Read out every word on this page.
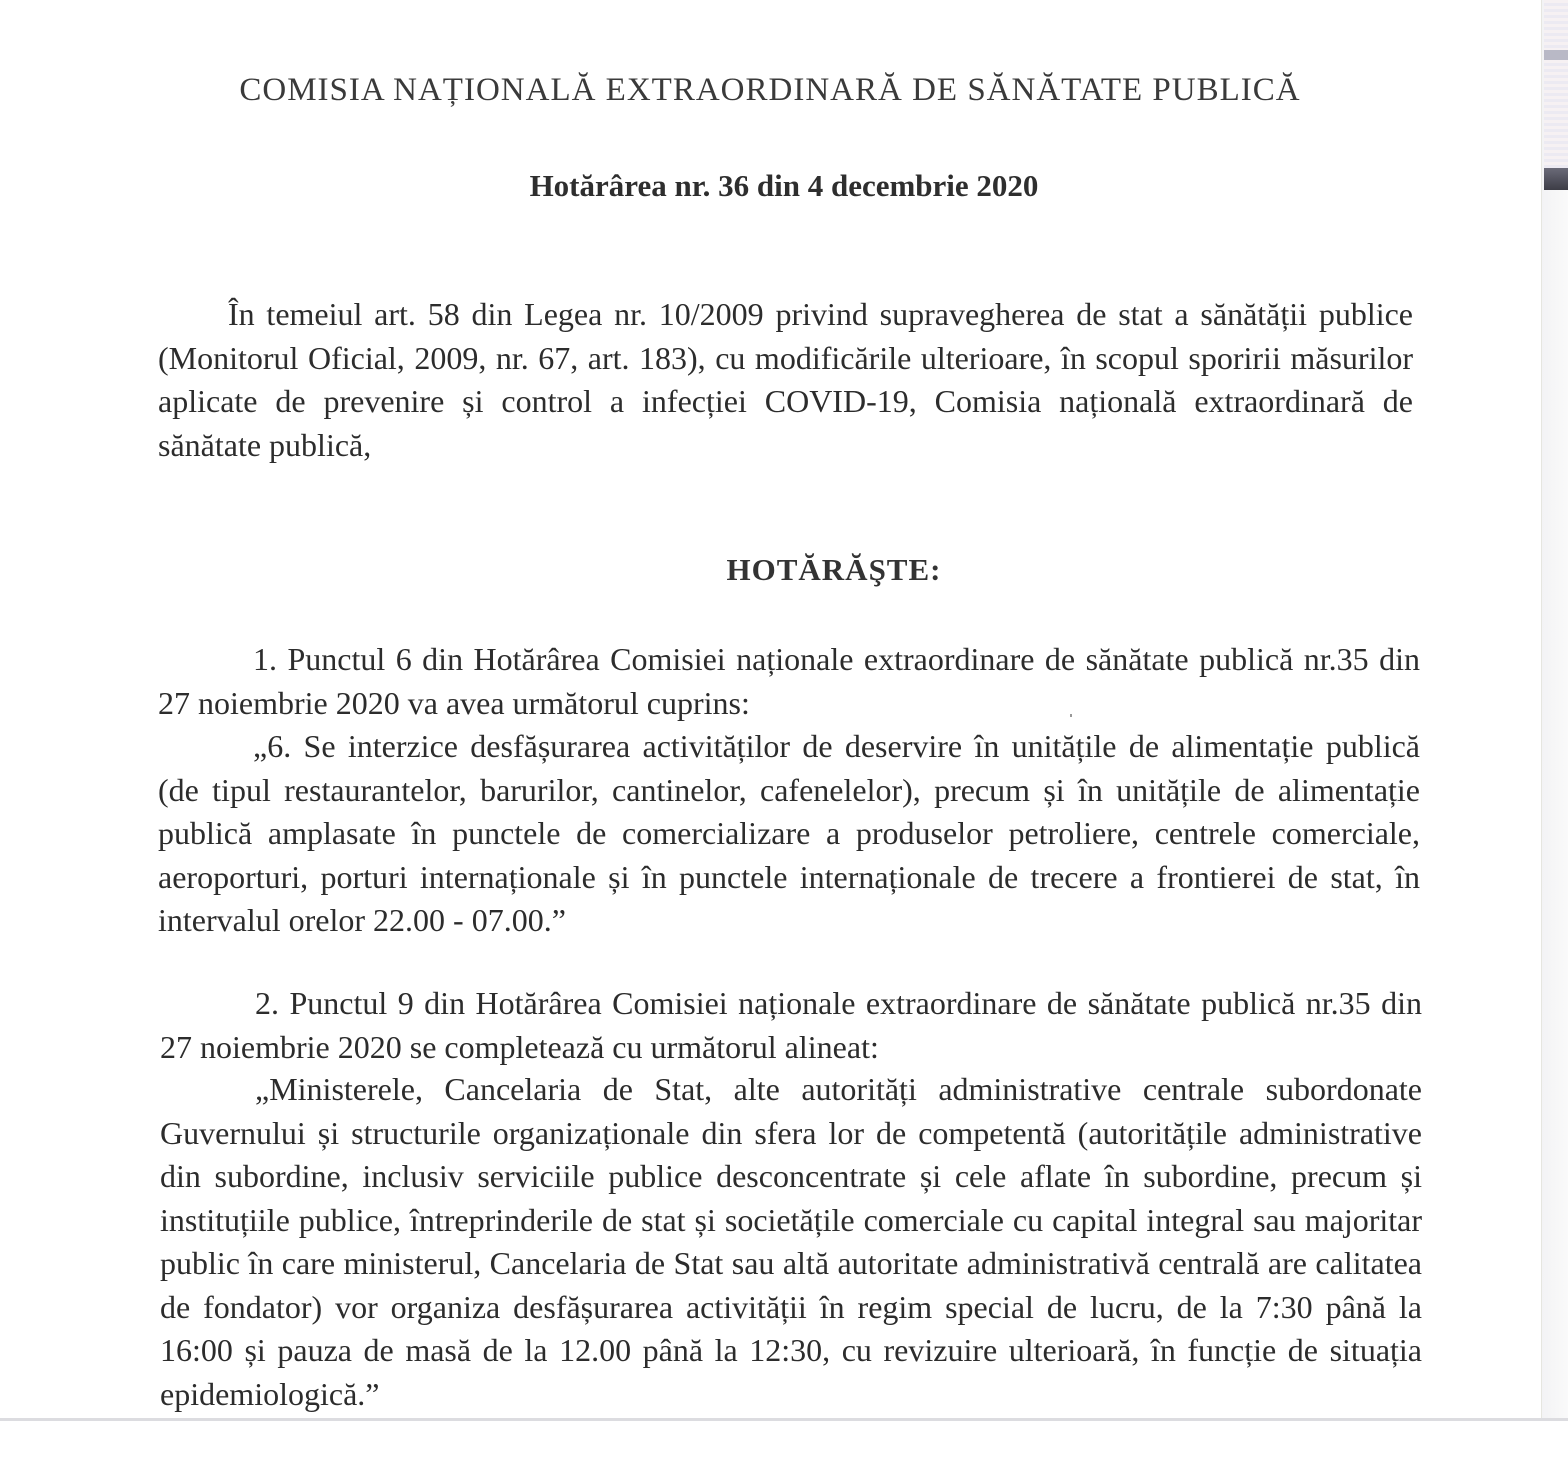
COMISIA NAȚIONALĂ EXTRAORDINARĂ DE SĂNĂTATE PUBLICĂ
Hotărârea nr. 36 din 4 decembrie 2020
În temeiul art. 58 din Legea nr. 10/2009 privind supravegherea de stat a sănătății publice (Monitorul Oficial, 2009, nr. 67, art. 183), cu modificările ulterioare, în scopul sporirii măsurilor aplicate de prevenire și control a infecției COVID-19, Comisia națională extraordinară de sănătate publică,
HOTĂRĂŞTE:
1. Punctul 6 din Hotărârea Comisiei naționale extraordinare de sănătate publică nr.35 din 27 noiembrie 2020 va avea următorul cuprins:
„6. Se interzice desfășurarea activităților de deservire în unitățile de alimentație publică (de tipul restaurantelor, barurilor, cantinelor, cafenelelor), precum și în unitățile de alimentație publică amplasate în punctele de comercializare a produselor petroliere, centrele comerciale, aeroporturi, porturi internaționale și în punctele internaționale de trecere a frontierei de stat, în intervalul orelor 22.00 - 07.00.”
2. Punctul 9 din Hotărârea Comisiei naționale extraordinare de sănătate publică nr.35 din 27 noiembrie 2020 se completează cu următorul alineat:
„Ministerele, Cancelaria de Stat, alte autorități administrative centrale subordonate Guvernului și structurile organizaționale din sfera lor de competentă (autoritățile administrative din subordine, inclusiv serviciile publice desconcentrate și cele aflate în subordine, precum și instituțiile publice, întreprinderile de stat și societățile comerciale cu capital integral sau majoritar public în care ministerul, Cancelaria de Stat sau altă autoritate administrativă centrală are calitatea de fondator) vor organiza desfășurarea activității în regim special de lucru, de la 7:30 până la 16:00 și pauza de masă de la 12.00 până la 12:30, cu revizuire ulterioară, în funcție de situația epidemiologică.”
